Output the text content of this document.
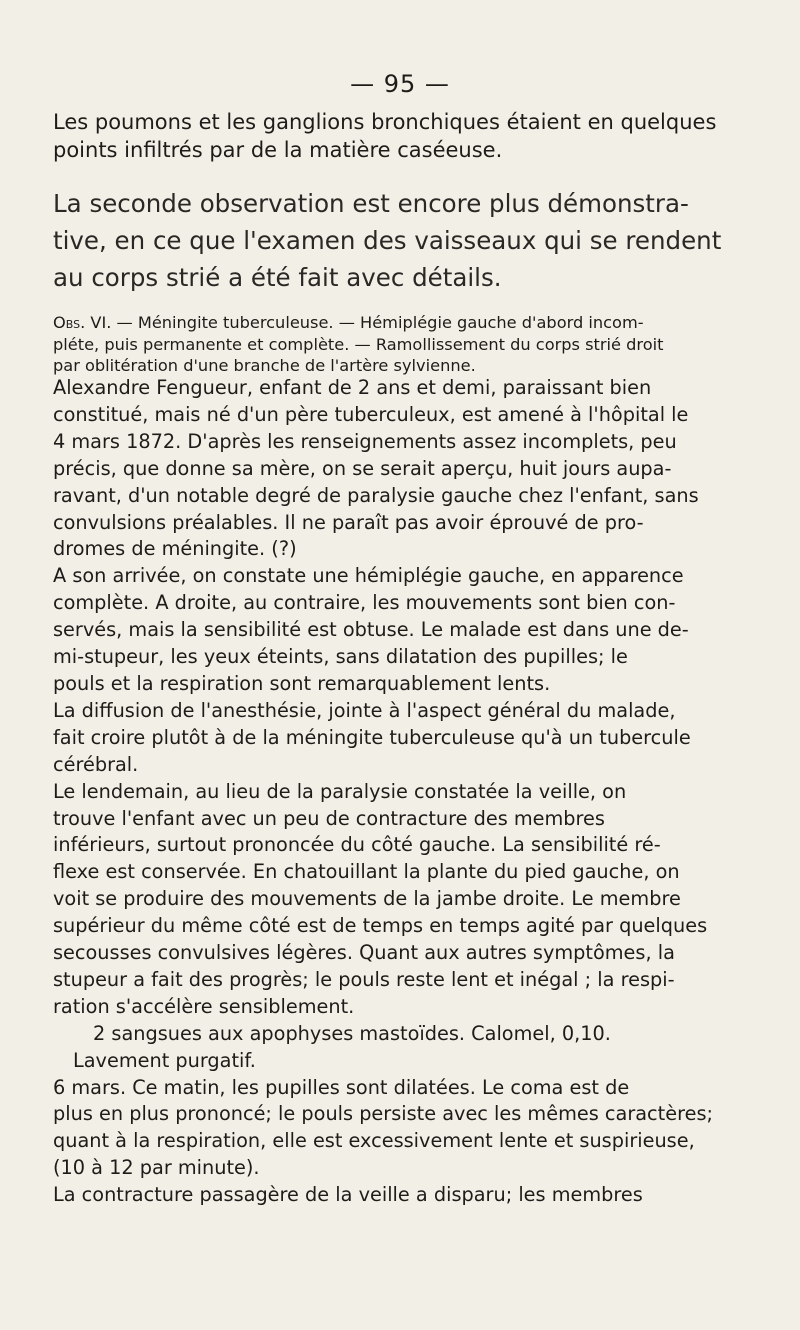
— 95 —
Les poumons et les ganglions bronchiques étaient en quelques
points infiltrés par de la matière caséeuse.
La seconde observation est encore plus démonstra-
tive, en ce que l'examen des vaisseaux qui se rendent
au corps strié a été fait avec détails.
Obs. VI. — Méningite tuberculeuse. — Hémiplégie gauche d'abord incom-
pléte, puis permanente et complète. — Ramollissement du corps strié droit
par oblitération d'une branche de l'artère sylvienne.

Alexandre Fengueur, enfant de 2 ans et demi, paraissant bien
constitué, mais né d'un père tuberculeux, est amené à l'hôpital le
4 mars 1872. D'après les renseignements assez incomplets, peu
précis, que donne sa mère, on se serait aperçu, huit jours aupa-
ravant, d'un notable degré de paralysie gauche chez l'enfant, sans
convulsions préalables. Il ne paraît pas avoir éprouvé de pro-
dromes de méningite. (?)

A son arrivée, on constate une hémiplégie gauche, en apparence
complète. A droite, au contraire, les mouvements sont bien con-
servés, mais la sensibilité est obtuse. Le malade est dans une de-
mi-stupeur, les yeux éteints, sans dilatation des pupilles; le
pouls et la respiration sont remarquablement lents.

La diffusion de l'anesthésie, jointe à l'aspect général du malade,
fait croire plutôt à de la méningite tuberculeuse qu'à un tubercule
cérébral.

Le lendemain, au lieu de la paralysie constatée la veille, on
trouve l'enfant avec un peu de contracture des membres
inférieurs, surtout prononcée du côté gauche. La sensibilité ré-
flexe est conservée. En chatouillant la plante du pied gauche, on
voit se produire des mouvements de la jambe droite. Le membre
supérieur du même côté est de temps en temps agité par quelques
secousses convulsives légères. Quant aux autres symptômes, la
stupeur a fait des progrès; le pouls reste lent et inégal ; la respi-
ration s'accélère sensiblement.

2 sangsues aux apophyses mastoïdes. Calomel, 0,10.
Lavement purgatif.

6 mars. Ce matin, les pupilles sont dilatées. Le coma est de
plus en plus prononcé; le pouls persiste avec les mêmes caractères;
quant à la respiration, elle est excessivement lente et suspirieuse,
(10 à 12 par minute).

La contracture passagère de la veille a disparu; les membres
